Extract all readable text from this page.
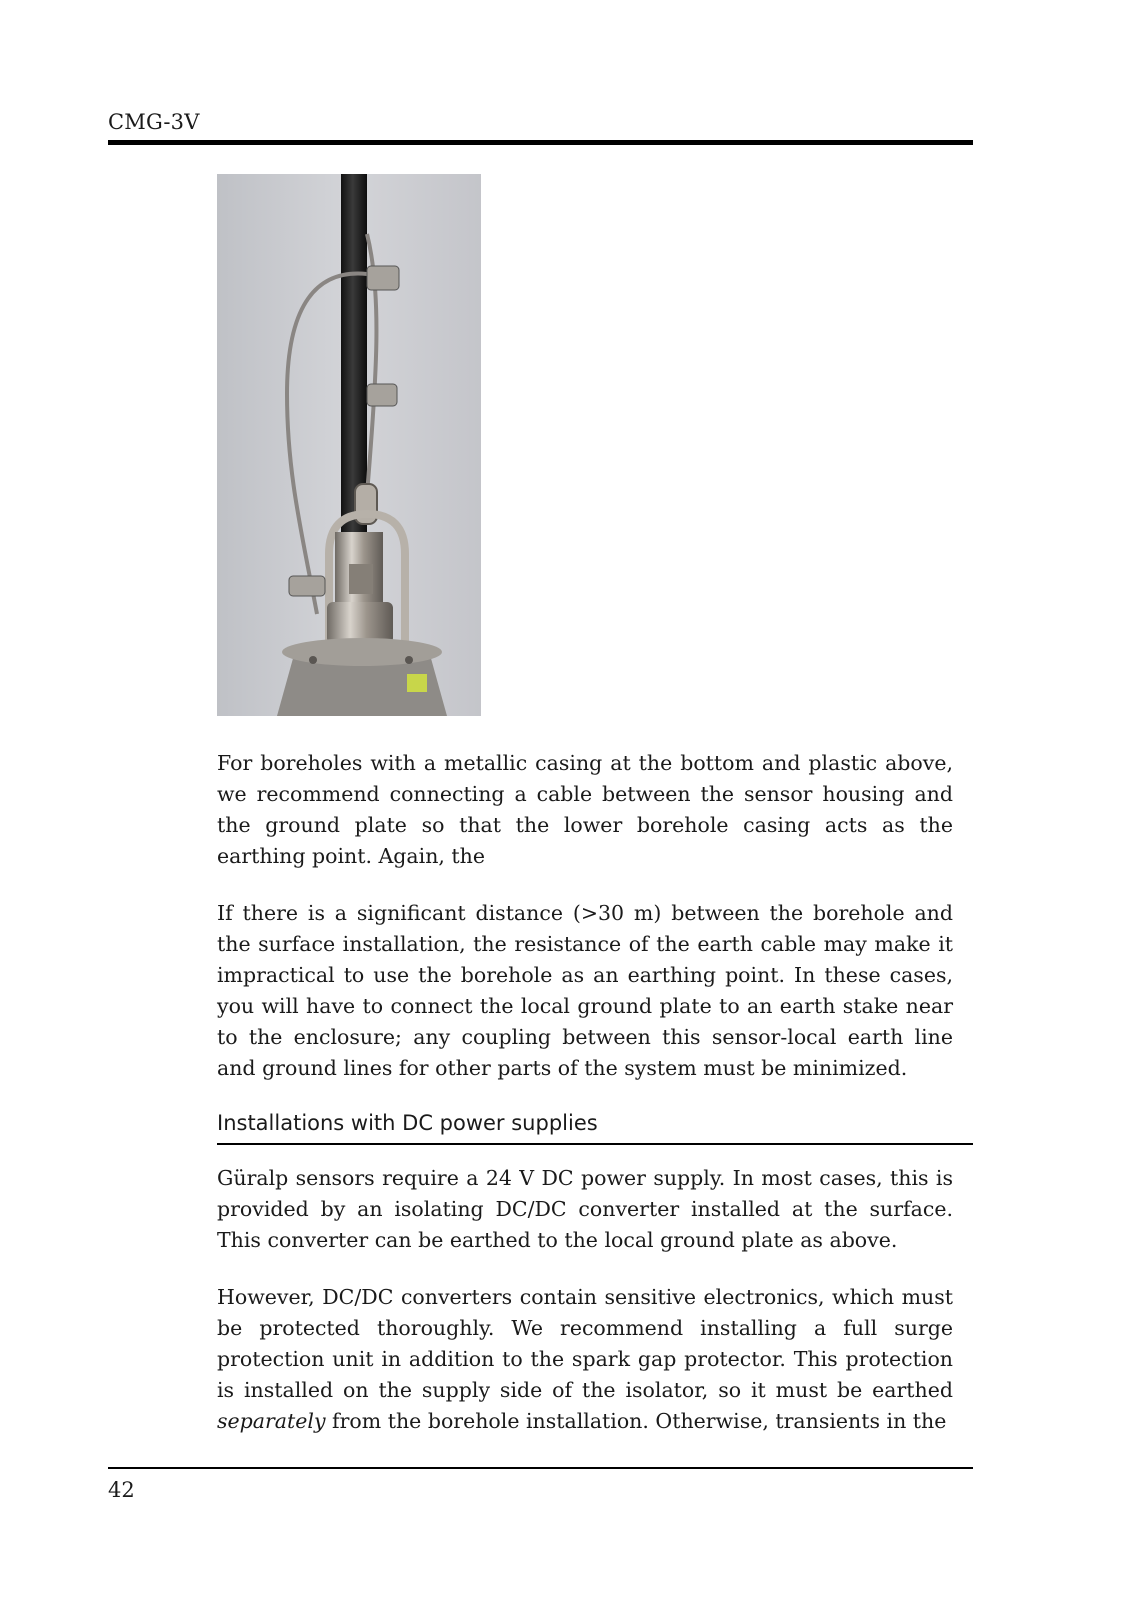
CMG-3V

For boreholes with a metallic casing at the bottom and plastic above, we recommend connecting a cable between the sensor housing and the ground plate so that the lower borehole casing acts as the earthing point. Again, the

If there is a significant distance (>30 m) between the borehole and the surface installation, the resistance of the earth cable may make it impractical to use the borehole as an earthing point. In these cases, you will have to connect the local ground plate to an earth stake near to the enclosure; any coupling between this sensor-local earth line and ground lines for other parts of the system must be minimized.

Installations with DC power supplies

Güralp sensors require a 24 V DC power supply. In most cases, this is provided by an isolating DC/DC converter installed at the surface. This converter can be earthed to the local ground plate as above.

However, DC/DC converters contain sensitive electronics, which must be protected thoroughly. We recommend installing a full surge protection unit in addition to the spark gap protector. This protection is installed on the supply side of the isolator, so it must be earthed separately from the borehole installation. Otherwise, transients in the

42
